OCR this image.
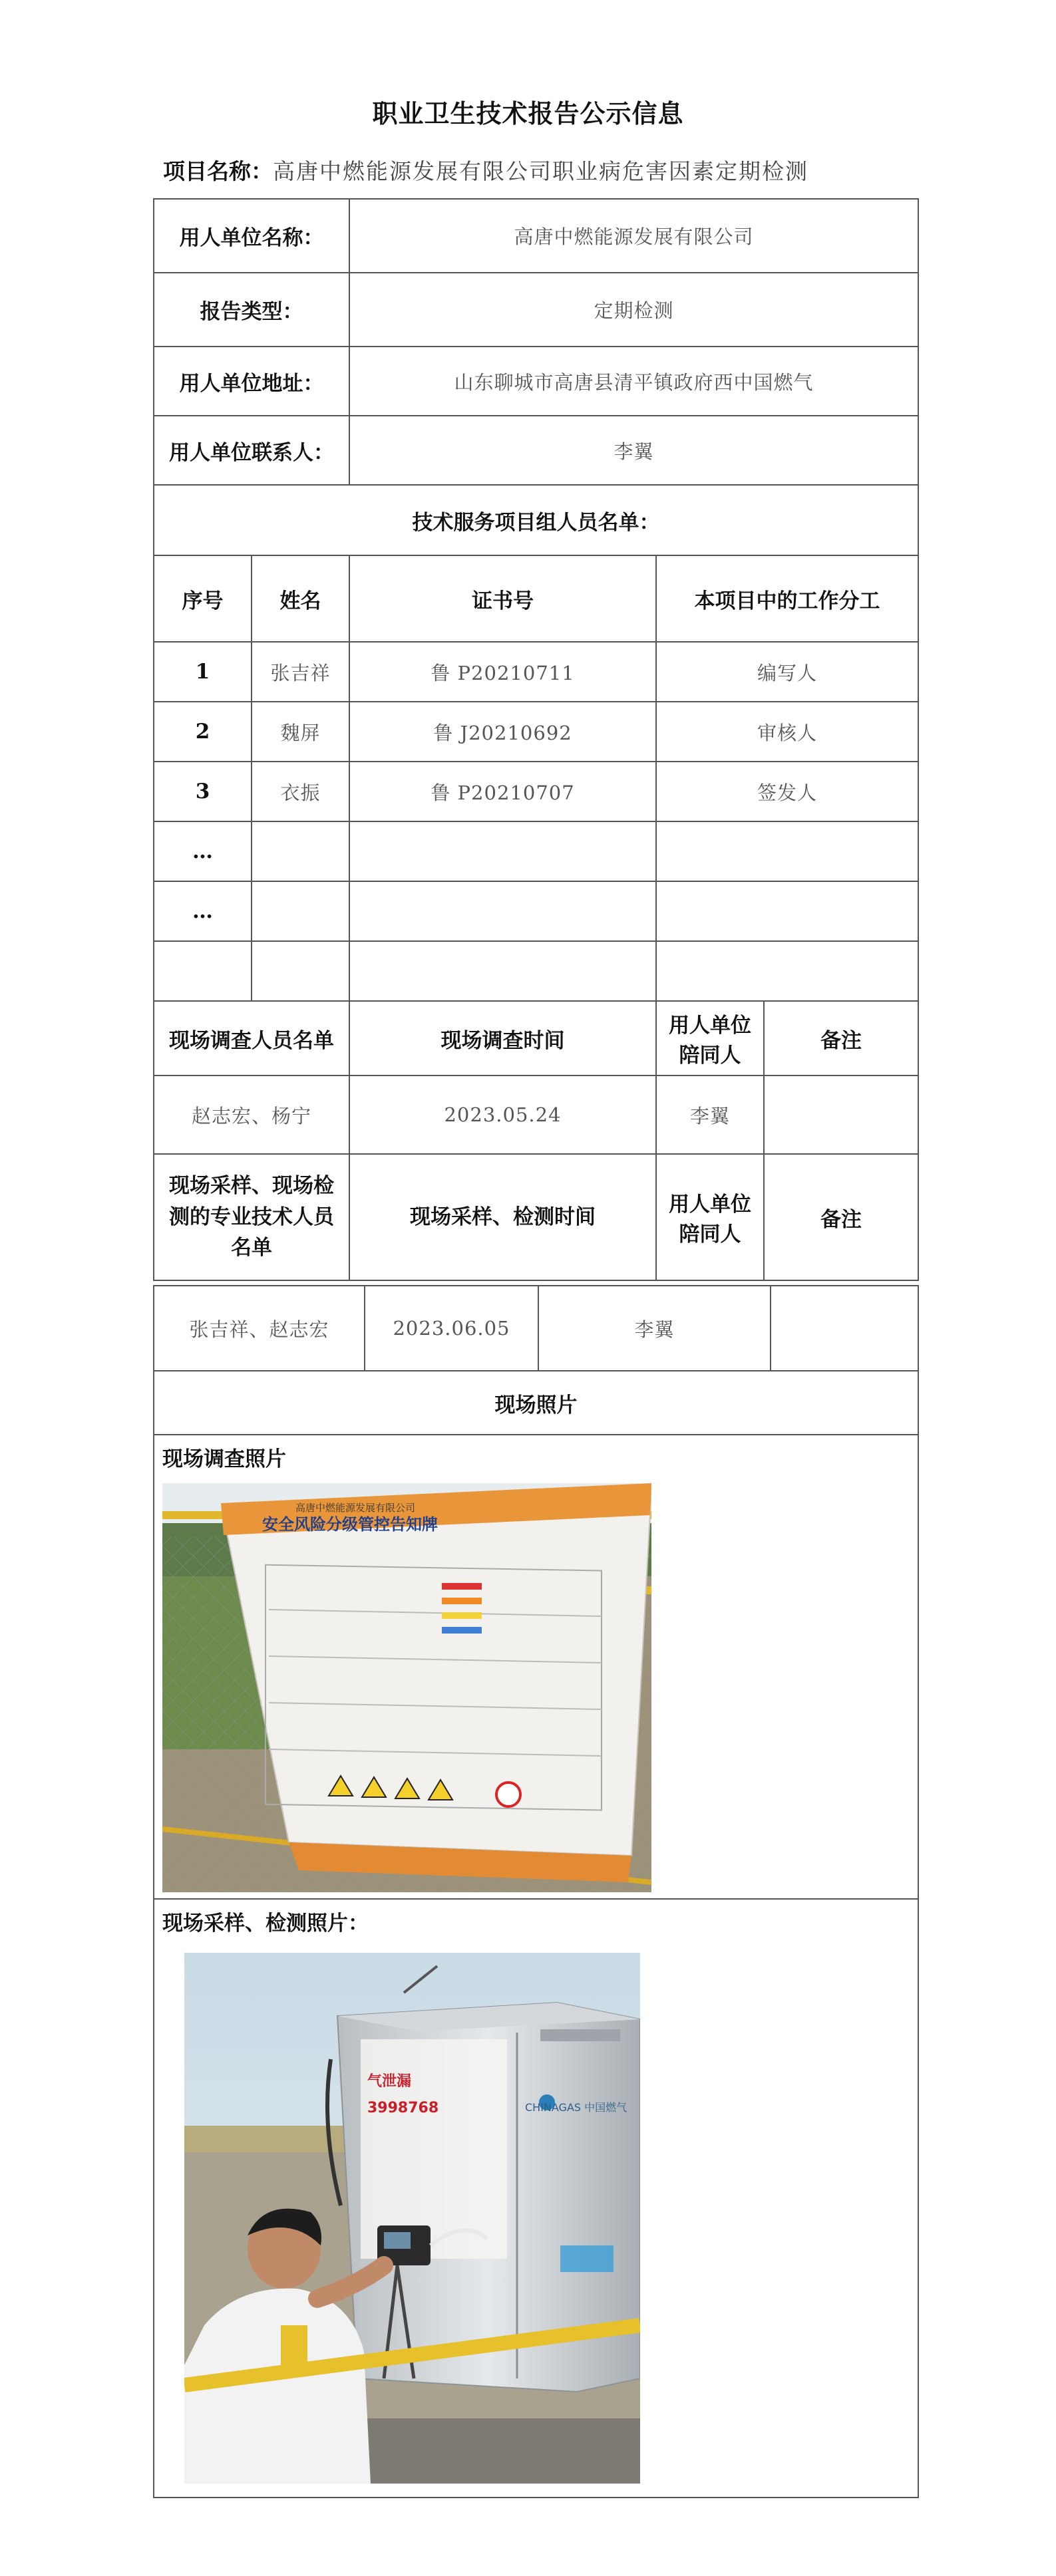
职业卫生技术报告公示信息
项目名称：高唐中燃能源发展有限公司职业病危害因素定期检测
用人单位名称：		高唐中燃能源发展有限公司		
报告类型：		定期检测		
用人单位地址：		山东聊城市高唐县清平镇政府西中国燃气		
用人单位联系人：		李翼		
技术服务项目组人员名单：				
序号	姓名	证书号	本项目中的工作分工	
1	张吉祥	鲁 P20210711	编写人	
2	魏屏	鲁 J20210692	审核人	
3	衣振	鲁 P20210707	签发人	
…				
…				

现场调查人员名单		现场调查时间	用人单位陪同人	备注
赵志宏、杨宁		2023.05.24	李翼	
现场采样、现场检测的专业技术人员名单		现场采样、检测时间	用人单位陪同人	备注
张吉祥、赵志宏	2023.06.05	李翼	
现场照片

现场调查照片
高唐中燃能源发展有限公司
安全风险分级管控告知牌

现场采样、检测照片：
CHINAGAS 中国燃气
气泄漏
3998768
